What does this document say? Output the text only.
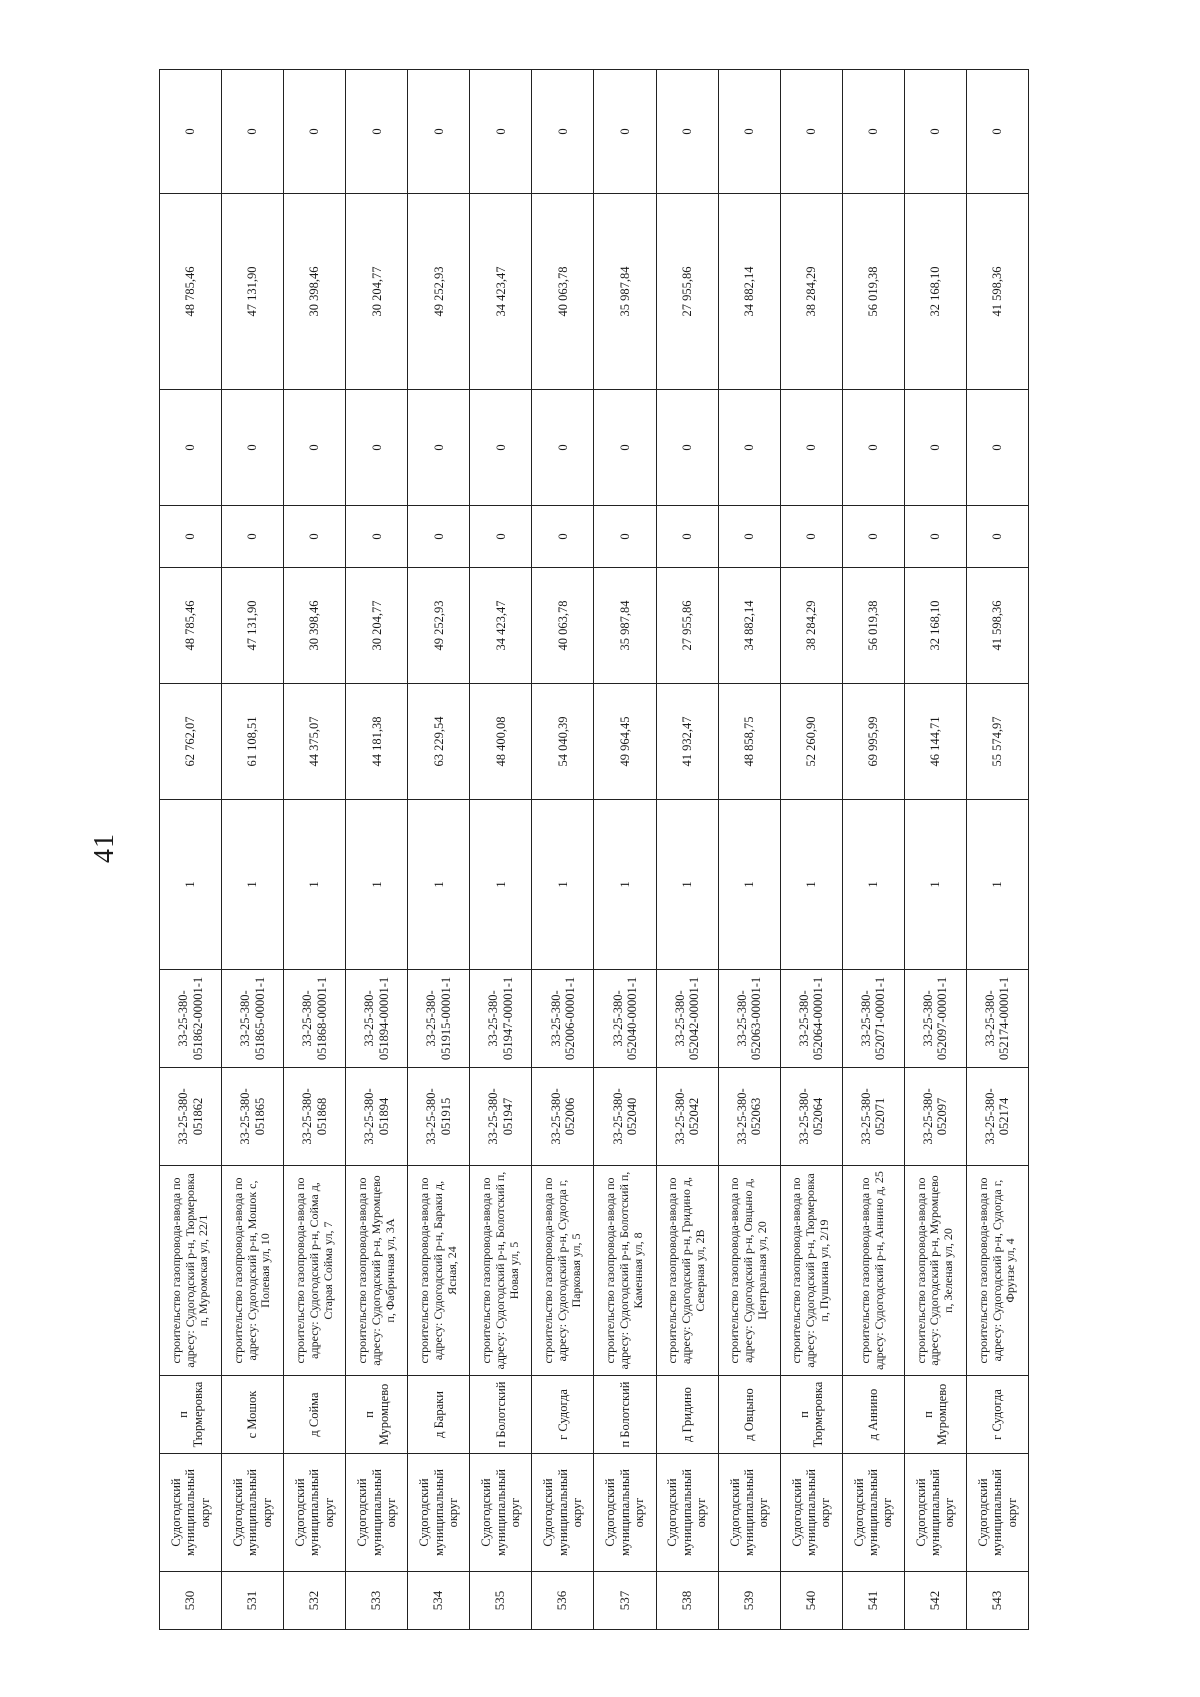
41
530	Судогодский муниципальный округ	п Тюрмеровка	строительство газопровода-ввода по адресу: Судогодский р-н, Тюрмеровка п, Муромская ул, 22/1	33-25-380-051862	33-25-380-051862-00001-1	1	62 762,07	48 785,46	0	0	48 785,46	0
531	Судогодский муниципальный округ	с Мошок	строительство газопровода-ввода по адресу: Судогодский р-н, Мошок с, Полевая ул, 10	33-25-380-051865	33-25-380-051865-00001-1	1	61 108,51	47 131,90	0	0	47 131,90	0
532	Судогодский муниципальный округ	д Сойма	строительство газопровода-ввода по адресу: Судогодский р-н, Сойма д, Старая Сойма ул, 7	33-25-380-051868	33-25-380-051868-00001-1	1	44 375,07	30 398,46	0	0	30 398,46	0
533	Судогодский муниципальный округ	п Муромцево	строительство газопровода-ввода по адресу: Судогодский р-н, Муромцево п, Фабричная ул, 3А	33-25-380-051894	33-25-380-051894-00001-1	1	44 181,38	30 204,77	0	0	30 204,77	0
534	Судогодский муниципальный округ	д Бараки	строительство газопровода-ввода по адресу: Судогодский р-н, Бараки д, Ясная, 24	33-25-380-051915	33-25-380-051915-00001-1	1	63 229,54	49 252,93	0	0	49 252,93	0
535	Судогодский муниципальный округ	п Болотский	строительство газопровода-ввода по адресу: Судогодский р-н, Болотский п, Новая ул, 5	33-25-380-051947	33-25-380-051947-00001-1	1	48 400,08	34 423,47	0	0	34 423,47	0
536	Судогодский муниципальный округ	г Судогда	строительство газопровода-ввода по адресу: Судогодский р-н, Судогда г, Парковая ул, 5	33-25-380-052006	33-25-380-052006-00001-1	1	54 040,39	40 063,78	0	0	40 063,78	0
537	Судогодский муниципальный округ	п Болотский	строительство газопровода-ввода по адресу: Судогодский р-н, Болотский п, Каменная ул, 8	33-25-380-052040	33-25-380-052040-00001-1	1	49 964,45	35 987,84	0	0	35 987,84	0
538	Судогодский муниципальный округ	д Гридино	строительство газопровода-ввода по адресу: Судогодский р-н, Гридино д, Северная ул, 2В	33-25-380-052042	33-25-380-052042-00001-1	1	41 932,47	27 955,86	0	0	27 955,86	0
539	Судогодский муниципальный округ	д Овцыно	строительство газопровода-ввода по адресу: Судогодский р-н, Овцыно д, Центральная ул, 20	33-25-380-052063	33-25-380-052063-00001-1	1	48 858,75	34 882,14	0	0	34 882,14	0
540	Судогодский муниципальный округ	п Тюрмеровка	строительство газопровода-ввода по адресу: Судогодский р-н, Тюрмеровка п, Пушкина ул, 2/19	33-25-380-052064	33-25-380-052064-00001-1	1	52 260,90	38 284,29	0	0	38 284,29	0
541	Судогодский муниципальный округ	д Аннино	строительство газопровода-ввода по адресу: Судогодский р-н, Аннино д, 25	33-25-380-052071	33-25-380-052071-00001-1	1	69 995,99	56 019,38	0	0	56 019,38	0
542	Судогодский муниципальный округ	п Муромцево	строительство газопровода-ввода по адресу: Судогодский р-н, Муромцево п, Зеленая ул, 20	33-25-380-052097	33-25-380-052097-00001-1	1	46 144,71	32 168,10	0	0	32 168,10	0
543	Судогодский муниципальный округ	г Судогда	строительство газопровода-ввода по адресу: Судогодский р-н, Судогда г, Фрунзе ул, 4	33-25-380-052174	33-25-380-052174-00001-1	1	55 574,97	41 598,36	0	0	41 598,36	0
